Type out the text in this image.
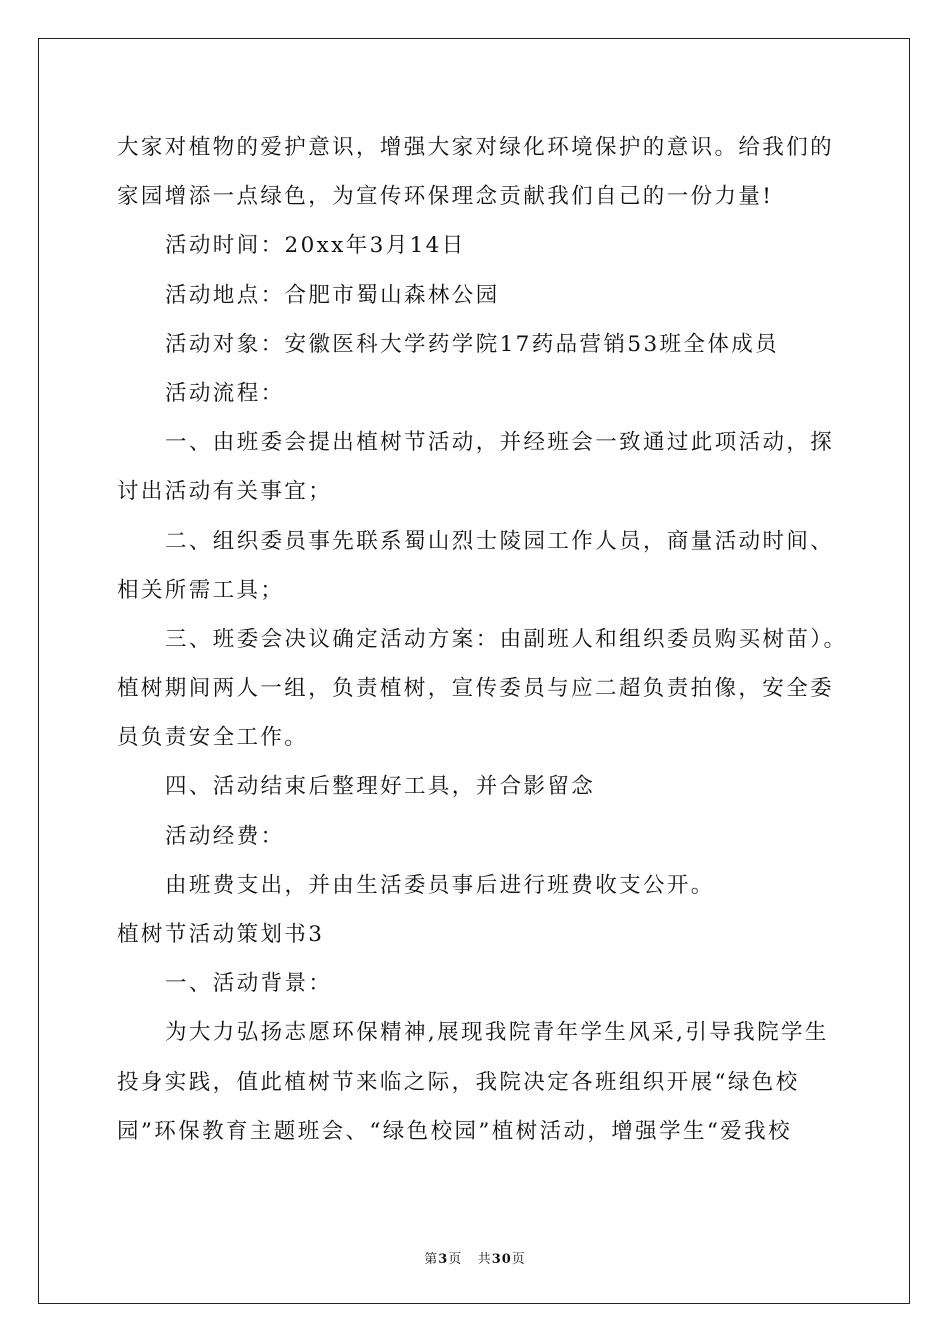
大家对植物的爱护意识，增强大家对绿化环境保护的意识。给我们的
家园增添一点绿色，为宣传环保理念贡献我们自己的一份力量!
活动时间：20xx年3月14日
活动地点：合肥市蜀山森林公园
活动对象：安徽医科大学药学院17药品营销53班全体成员
活动流程：
一、由班委会提出植树节活动，并经班会一致通过此项活动，探
讨出活动有关事宜；
二、组织委员事先联系蜀山烈士陵园工作人员，商量活动时间、
相关所需工具；
三、班委会决议确定活动方案：由副班人和组织委员购买树苗）。
植树期间两人一组，负责植树，宣传委员与应二超负责拍像，安全委
员负责安全工作。
四、活动结束后整理好工具，并合影留念
活动经费：
由班费支出，并由生活委员事后进行班费收支公开。
植树节活动策划书3
一、活动背景：
为大力弘扬志愿环保精神,展现我院青年学生风采,引导我院学生
投身实践，值此植树节来临之际，我院决定各班组织开展“绿色校
园”环保教育主题班会、“绿色校园”植树活动，增强学生“爱我校
第3页 共30页
